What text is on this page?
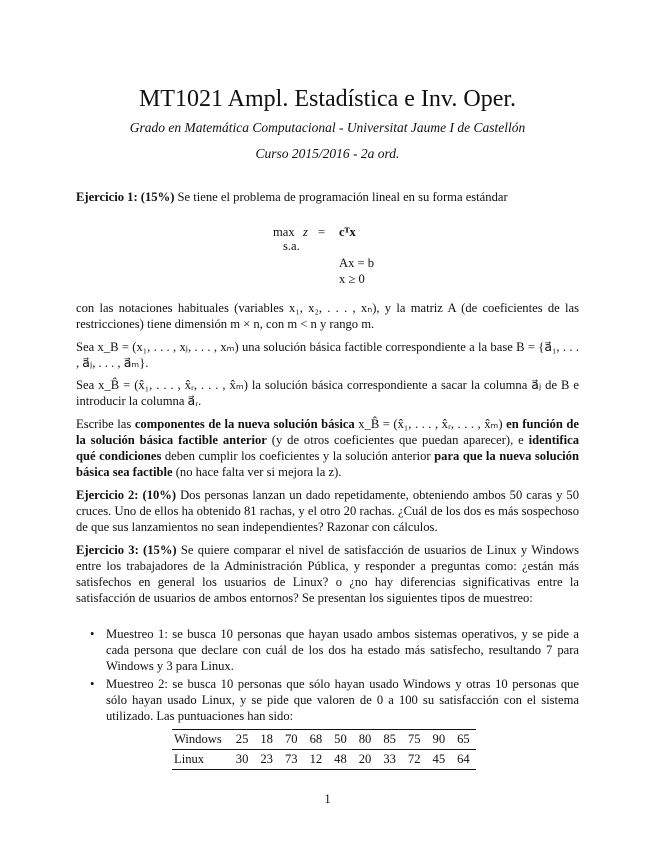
MT1021 Ampl. Estadística e Inv. Oper.
Grado en Matemática Computacional - Universitat Jaume I de Castellón
Curso 2015/2016 - 2a ord.
Ejercicio 1: (15%) Se tiene el problema de programación lineal en su forma estándar
max z = cᵀx
s.a.
Ax = b
x ≥ 0
con las notaciones habituales (variables x₁, x₂, . . . , xₙ), y la matriz A (de coeficientes de las restricciones) tiene dimensión m × n, con m < n y rango m.
Sea x_B = (x₁, . . . , xⱼ, . . . , xₘ) una solución básica factible correspondiente a la base B = {a⃗₁, . . . , a⃗ⱼ, . . . , a⃗ₘ}.
Sea x_B̂ = (x̂₁, . . . , x̂ᵣ, . . . , x̂ₘ) la solución básica correspondiente a sacar la columna a⃗ⱼ de B e introducir la columna a⃗ᵣ.
Escribe las componentes de la nueva solución básica x_B̂ = (x̂₁, . . . , x̂ᵣ, . . . , x̂ₘ) en función de la solución básica factible anterior (y de otros coeficientes que puedan aparecer), e identifica qué condiciones deben cumplir los coeficientes y la solución anterior para que la nueva solución básica sea factible (no hace falta ver si mejora la z).
Ejercicio 2: (10%) Dos personas lanzan un dado repetidamente, obteniendo ambos 50 caras y 50 cruces. Uno de ellos ha obtenido 81 rachas, y el otro 20 rachas. ¿Cuál de los dos es más sospechoso de que sus lanzamientos no sean independientes? Razonar con cálculos.
Ejercicio 3: (15%) Se quiere comparar el nivel de satisfacción de usuarios de Linux y Windows entre los trabajadores de la Administración Pública, y responder a preguntas como: ¿están más satisfechos en general los usuarios de Linux? o ¿no hay diferencias significativas entre la satisfacción de usuarios de ambos entornos? Se presentan los siguientes tipos de muestreo:
• Muestreo 1: se busca 10 personas que hayan usado ambos sistemas operativos, y se pide a cada persona que declare con cuál de los dos ha estado más satisfecho, resultando 7 para Windows y 3 para Linux.
• Muestreo 2: se busca 10 personas que sólo hayan usado Windows y otras 10 personas que sólo hayan usado Linux, y se pide que valoren de 0 a 100 su satisfacción con el sistema utilizado. Las puntuaciones han sido:
Windows	25	18	70	68	50	80	85	75	90	65
Linux	30	23	73	12	48	20	33	72	45	64
1
